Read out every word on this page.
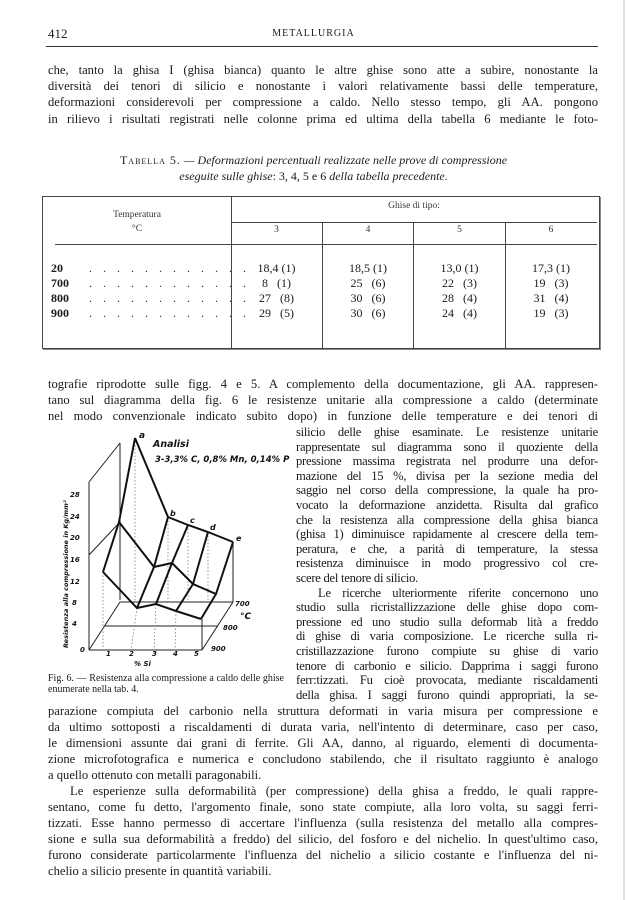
412	METALLURGIA
che, tanto la ghisa I (ghisa bianca) quanto le altre ghise sono atte a subire, nonostante la
diversità dei tenori di silicio e nonostante i valori relativamente bassi delle temperature,
deformazioni considerevoli per compressione a caldo. Nello stesso tempo, gli AA. pongono
in rilievo i risultati registrati nelle colonne prima ed ultima della tabella 6 mediante le foto-
Tabella 5. — Deformazioni percentuali realizzate nelle prove di compressione
eseguite sulle ghise: 3, 4, 5 e 6 della tabella precedente.
Temperatura
°C
Ghise di tipo:
3	4	5	6
20 . . . . . . . . . . . . 18,4 (1)	18,5 (1)	13,0 (1)	17,3 (1)
700 . . . . . . . . . . . .	8   (1)	25   (6)	22   (3)	19   (3)
800 . . . . . . . . . . . . 27   (8)	30   (6)	28   (4)	31   (4)
900 . . . . . . . . . . . . 29   (5)	30   (6)	24   (4)	19   (3)
tografie riprodotte sulle figg. 4 e 5. A complemento della documentazione, gli AA. rappresen-
tano sul diagramma della fig. 6 le resistenze unitarie alla compressione a caldo (determinate
nel modo convenzionale indicato subito dopo) in funzione delle temperature e dei tenori di
28
24
20
16
12
8
4
0	1	2	3 4 5
% Si
700
800
900
°C
a
b
c
d
e
Analisi
3-3,3% C, 0,8% Mn, 0,14% P
Resistenza alla compressione in Kg/mm²
Fig. 6. — Resistenza alla compressione a caldo delle ghise enumerate nella tab. 4.
silicio delle ghise esaminate. Le resistenze unitarie
rappresentate sul diagramma sono il quoziente della
pressione massima registrata nel produrre una defor-
mazione del 15 %, divisa per la sezione media del
saggio nel corso della compressione, la quale ha pro-
vocato la deformazione anzidetta. Risulta dal grafico
che la resistenza alla compressione della ghisa bianca
(ghisa 1) diminuisce rapidamente al crescere della tem-
peratura, e che, a parità di temperature, la stessa
resistenza diminuisce in modo progressivo col cre-
scere del tenore di silicio.
Le ricerche ulteriormente riferite concernono uno
studio sulla ricristallizzazione delle ghise dopo com-
pressione ed uno studio sulla deformab lità a freddo
di ghise di varia composizione. Le ricerche sulla ri-
cristillazzazione furono compiute su ghise di vario
tenore di carbonio e silicio. Dapprima i saggi furono
ferr:tizzati. Fu cioè provocata, mediante riscaldamenti
della ghisa. I saggi furono quindi appropriati, la se-
parazione compiuta del carbonio nella struttura deformati in varia misura per compressione e
da ultimo sottoposti a riscaldamenti di durata varia, nell'intento di determinare, caso per caso,
le dimensioni assunte dai grani di ferrite. Gli AA, danno, al riguardo, elementi di documenta-
zione microfotografica e numerica e concludono stabilendo, che il risultato raggiunto è analogo
a quello ottenuto con metalli paragonabili.
Le esperienze sulla deformabilità (per compressione) della ghisa a freddo, le quali rappre-
sentano, come fu detto, l'argomento finale, sono state compiute, alla loro volta, su saggi ferri-
tizzati. Esse hanno permesso di accertare l'influenza (sulla resistenza del metallo alla compres-
sione e sulla sua deformabilità a freddo) del silicio, del fosforo e del nichelio. In quest'ultimo caso,
furono considerate particolarmente l'influenza del nichelio a silicio costante e l'influenza del ni-
chelio a silicio presente in quantità variabili.
